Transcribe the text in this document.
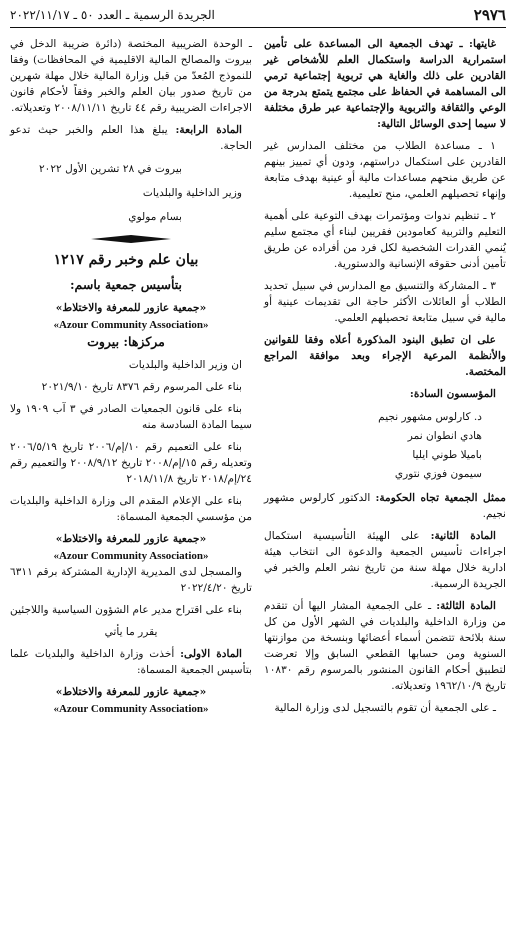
٢٩٧٦
الجريدة الرسمية ـ العدد ٥٠ ـ ٢٠٢٢/١١/١٧

غايتها: ـ تهدف الجمعية الى المساعدة على تأمين استمرارية الدراسة واستكمال العلم للأشخاص غير القادرين على ذلك والغاية هي تربوية إجتماعية ترمي الى المساهمة في الحفاظ على مجتمع يتمتع بدرجة من الوعي والثقافة والتربوية والإجتماعية عبر طرق مختلفة لا سيما إحدى الوسائل التالية:

١ ـ مساعدة الطلاب من مختلف المدارس غير القادرين على استكمال دراستهم، ودون أي تمييز بينهم عن طريق منحهم مساعدات مالية أو عينية بهدف متابعة وإنهاء تحصيلهم العلمي، منح تعليمية.

٢ ـ تنظيم ندوات ومؤتمرات بهدف التوعية على أهمية التعليم والتربية كعامودين فقريين لبناء أي مجتمع سليم يُنمي القدرات الشخصية لكل فرد من أفراده عن طريق تأمين أدنى حقوقه الإنسانية والدستورية.

٣ ـ المشاركة والتنسيق مع المدارس في سبيل تحديد الطلاب أو العائلات الأكثر حاجة الى تقديمات عينية أو مالية في سبيل متابعة تحصيلهم العلمي.

على ان تطبق البنود المذكورة أعلاه وفقا للقوانين والأنظمة المرعية الإجراء وبعد موافقة المراجع المختصة.

المؤسسون السادة:

د. كارلوس مشهور نجيم
هادي انطوان نمر
باميلا طوني ايليا
سيمون فوزي نتوري

ممثل الجمعية تجاه الحكومة: الدكتور كارلوس مشهور نجيم.

المادة الثانية: على الهيئة التأسيسية استكمال اجراءات تأسيس الجمعية والدعوة الى انتخاب هيئة ادارية خلال مهلة سنة من تاريخ نشر العلم والخبر في الجريدة الرسمية.

المادة الثالثة: ـ على الجمعية المشار اليها أن تتقدم من وزارة الداخلية والبلديات في الشهر الأول من كل سنة بلائحة تتضمن أسماء أعضائها وبنسخة من موازنتها السنوية ومن حسابها القطعي السابق وإلا تعرضت لتطبيق أحكام القانون المنشور بالمرسوم رقم ١٠٨٣٠ تاريخ ١٩٦٢/١٠/٩ وتعديلاته.

ـ على الجمعية أن تقوم بالتسجيل لدى وزارة المالية

ـ الوحدة الضريبية المختصة (دائرة ضريبة الدخل في بيروت والمصالح المالية الاقليمية في المحافظات) وفقا للنموذج المُعدّ من قبل وزارة المالية خلال مهلة شهرين من تاريخ صدور بيان العلم والخبر وفقاً لأحكام قانون الاجراءات الضريبية رقم ٤٤ تاريخ ٢٠٠٨/١١/١١ وتعديلاته.

المادة الرابعة: يبلغ هذا العلم والخبر حيث تدعو الحاجة.

بيروت في ٢٨ تشرين الأول ٢٠٢٢

وزير الداخلية والبلديات

بسام مولوي

بيان علم وخبر رقم ١٢١٧

بتأسيس جمعية باسم:

«جمعية عازور للمعرفة والاختلاط»
«Azour Community Association»

مركزها: بيروت

ان وزير الداخلية والبلديات

بناء على المرسوم رقم ٨٣٧٦ تاريخ ٢٠٢١/٩/١٠

بناء على قانون الجمعيات الصادر في ٣ آب ١٩٠٩ ولا سيما المادة السادسة منه

بناء على التعميم رقم ١٠/إم/٢٠٠٦ تاريخ ٢٠٠٦/٥/١٩ وتعديله رقم ١٥/إم/٢٠٠٨ تاريخ ٢٠٠٨/٩/١٢ والتعميم رقم ٢٤/إم/٢٠١٨ تاريخ ٢٠١٨/١١/٨

بناء على الإعلام المقدم الى وزارة الداخلية والبلديات من مؤسسي الجمعية المسماة:

«جمعية عازور للمعرفة والاختلاط»
«Azour Community Association»

والمسجل لدى المديرية الإدارية المشتركة برقم ٦٣١١ تاريخ ٢٠٢٢/٤/٢٠

بناء على اقتراح مدير عام الشؤون السياسية واللاجئين

يقرر ما يأتي

المادة الاولى: أخذت وزارة الداخلية والبلديات علما بتأسيس الجمعية المسماة:

«جمعية عازور للمعرفة والاختلاط»
«Azour Community Association»
